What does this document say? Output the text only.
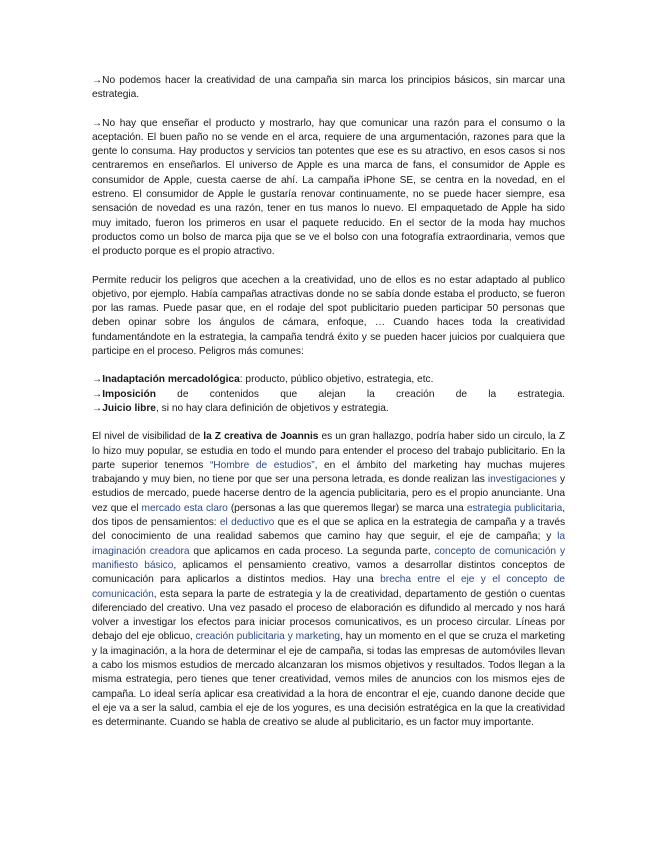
→No podemos hacer la creatividad de una campaña sin marca los principios básicos, sin marcar una estrategia.

→No hay que enseñar el producto y mostrarlo, hay que comunicar una razón para el consumo o la aceptación. El buen paño no se vende en el arca, requiere de una argumentación, razones para que la gente lo consuma. Hay productos y servicios tan potentes que ese es su atractivo, en esos casos si nos centraremos en enseñarlos. El universo de Apple es una marca de fans, el consumidor de Apple es consumidor de Apple, cuesta caerse de ahí. La campaña iPhone SE, se centra en la novedad, en el estreno. El consumidor de Apple le gustaría renovar continuamente, no se puede hacer siempre, esa sensación de novedad es una razón, tener en tus manos lo nuevo. El empaquetado de Apple ha sido muy imitado, fueron los primeros en usar el paquete reducido. En el sector de la moda hay muchos productos como un bolso de marca pija que se ve el bolso con una fotografía extraordinaria, vemos que el producto porque es el propio atractivo.

Permite reducir los peligros que acechen a la creatividad, uno de ellos es no estar adaptado al publico objetivo, por ejemplo. Había campañas atractivas donde no se sabía donde estaba el producto, se fueron por las ramas. Puede pasar que, en el rodaje del spot publicitario pueden participar 50 personas que deben opinar sobre los ángulos de cámara, enfoque, … Cuando haces toda la creatividad fundamentándote en la estrategia, la campaña tendrá éxito y se pueden hacer juicios por cualquiera que participe en el proceso. Peligros más comunes:

→Inadaptación mercadológica: producto, público objetivo, estrategia, etc.
→Imposición de contenidos que alejan la creación de la estrategia.
→Juicio libre, si no hay clara definición de objetivos y estrategia.

El nivel de visibilidad de la Z creativa de Joannis es un gran hallazgo, podría haber sido un circulo, la Z lo hizo muy popular, se estudia en todo el mundo para entender el proceso del trabajo publicitario. En la parte superior tenemos “Hombre de estudios”, en el ámbito del marketing hay muchas mujeres trabajando y muy bien, no tiene por que ser una persona letrada, es donde realizan las investigaciones y estudios de mercado, puede hacerse dentro de la agencia publicitaria, pero es el propio anunciante. Una vez que el mercado esta claro (personas a las que queremos llegar) se marca una estrategia publicitaria, dos tipos de pensamientos: el deductivo que es el que se aplica en la estrategia de campaña y a través del conocimiento de una realidad sabemos que camino hay que seguir, el eje de campaña; y la imaginación creadora que aplicamos en cada proceso. La segunda parte, concepto de comunicación y manifiesto básico, aplicamos el pensamiento creativo, vamos a desarrollar distintos conceptos de comunicación para aplicarlos a distintos medios. Hay una brecha entre el eje y el concepto de comunicación, esta separa la parte de estrategia y la de creatividad, departamento de gestión o cuentas diferenciado del creativo. Una vez pasado el proceso de elaboración es difundido al mercado y nos hará volver a investigar los efectos para iniciar procesos comunicativos, es un proceso circular. Líneas por debajo del eje oblicuo, creación publicitaria y marketing, hay un momento en el que se cruza el marketing y la imaginación, a la hora de determinar el eje de campaña, si todas las empresas de automóviles llevan a cabo los mismos estudios de mercado alcanzaran los mismos objetivos y resultados. Todos llegan a la misma estrategia, pero tienes que tener creatividad, vemos miles de anuncios con los mismos ejes de campaña. Lo ideal sería aplicar esa creatividad a la hora de encontrar el eje, cuando danone decide que el eje va a ser la salud, cambia el eje de los yogures, es una decisión estratégica en la que la creatividad es determinante. Cuando se habla de creativo se alude al publicitario, es un factor muy importante.
